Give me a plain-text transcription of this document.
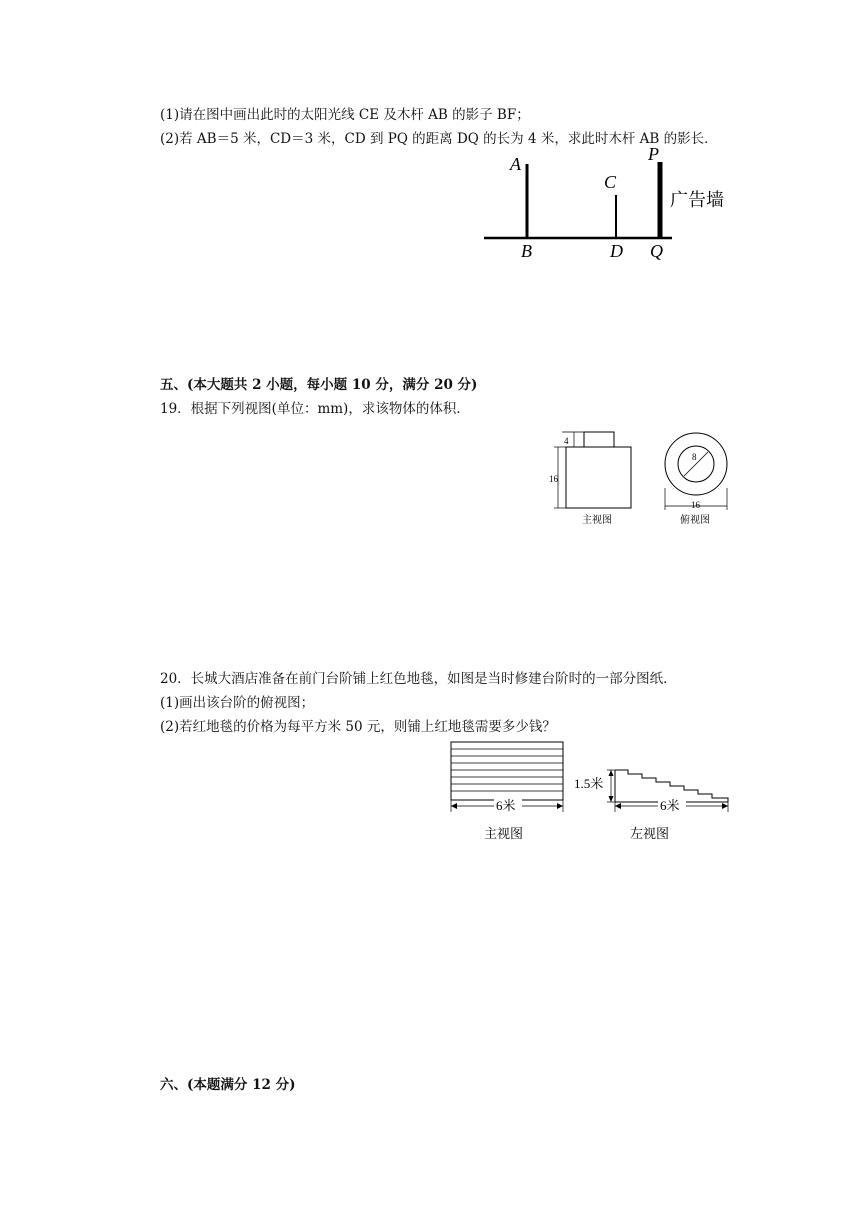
(1)请在图中画出此时的太阳光线 CE 及木杆 AB 的影子 BF；
(2)若 AB＝5 米，CD＝3 米，CD 到 PQ 的距离 DQ 的长为 4 米，求此时木杆 AB 的影长．
A
B
C
D
P
Q
广告墙
五、(本大题共 2 小题，每小题 10 分，满分 20 分)
19．根据下列视图(单位：mm)，求该物体的体积．
4
16
主视图
8
16
俯视图
20．长城大酒店准备在前门台阶铺上红色地毯，如图是当时修建台阶时的一部分图纸．
(1)画出该台阶的俯视图；
(2)若红地毯的价格为每平方米 50 元，则铺上红地毯需要多少钱？
6米
主视图
1.5米
6米
左视图
六、(本题满分 12 分)
